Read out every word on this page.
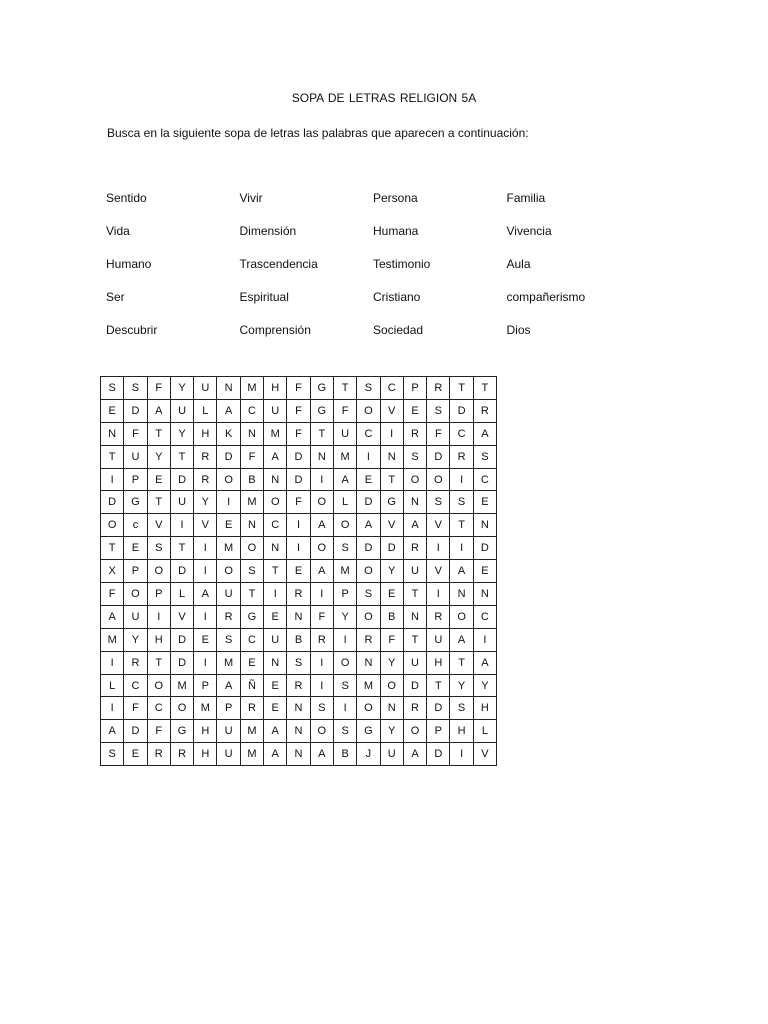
SOPA DE LETRAS RELIGION 5A
Busca en la siguiente sopa de letras las palabras que aparecen a continuación:
Sentido	Vivir	Persona	Familia
Vida	Dimensión	Humana	Vivencia
Humano	Trascendencia	Testimonio	Aula
Ser	Espiritual	Cristiano	compañerismo
Descubrir	Comprensión	Sociedad	Dios
S	S	F	Y	U	N	M	H	F	G	T	S	C	P	R	T	T
E	D	A	U	L	A	C	U	F	G	F	O	V	E	S	D	R
N	F	T	Y	H	K	N	M	F	T	U	C	I	R	F	C	A
T	U	Y	T	R	D	F	A	D	N	M	I	N	S	D	R	S
I	P	E	D	R	O	B	N	D	I	A	E	T	O	O	I	C
D	G	T	U	Y	I	M	O	F	O	L	D	G	N	S	S	E
O	c	V	I	V	E	N	C	I	A	O	A	V	A	V	T	N
T	E	S	T	I	M	O	N	I	O	S	D	D	R	I	I	D
X	P	O	D	I	O	S	T	E	A	M	O	Y	U	V	A	E
F	O	P	L	A	U	T	I	R	I	P	S	E	T	I	N	N
A	U	I	V	I	R	G	E	N	F	Y	O	B	N	R	O	C
M	Y	H	D	E	S	C	U	B	R	I	R	F	T	U	A	I
I	R	T	D	I	M	E	N	S	I	O	N	Y	U	H	T	A
L	C	O	M	P	A	Ñ	E	R	I	S	M	O	D	T	Y	Y
I	F	C	O	M	P	R	E	N	S	I	O	N	R	D	S	H
A	D	F	G	H	U	M	A	N	O	S	G	Y	O	P	H	L
S	E	R	R	H	U	M	A	N	A	B	J	U	A	D	I	V
